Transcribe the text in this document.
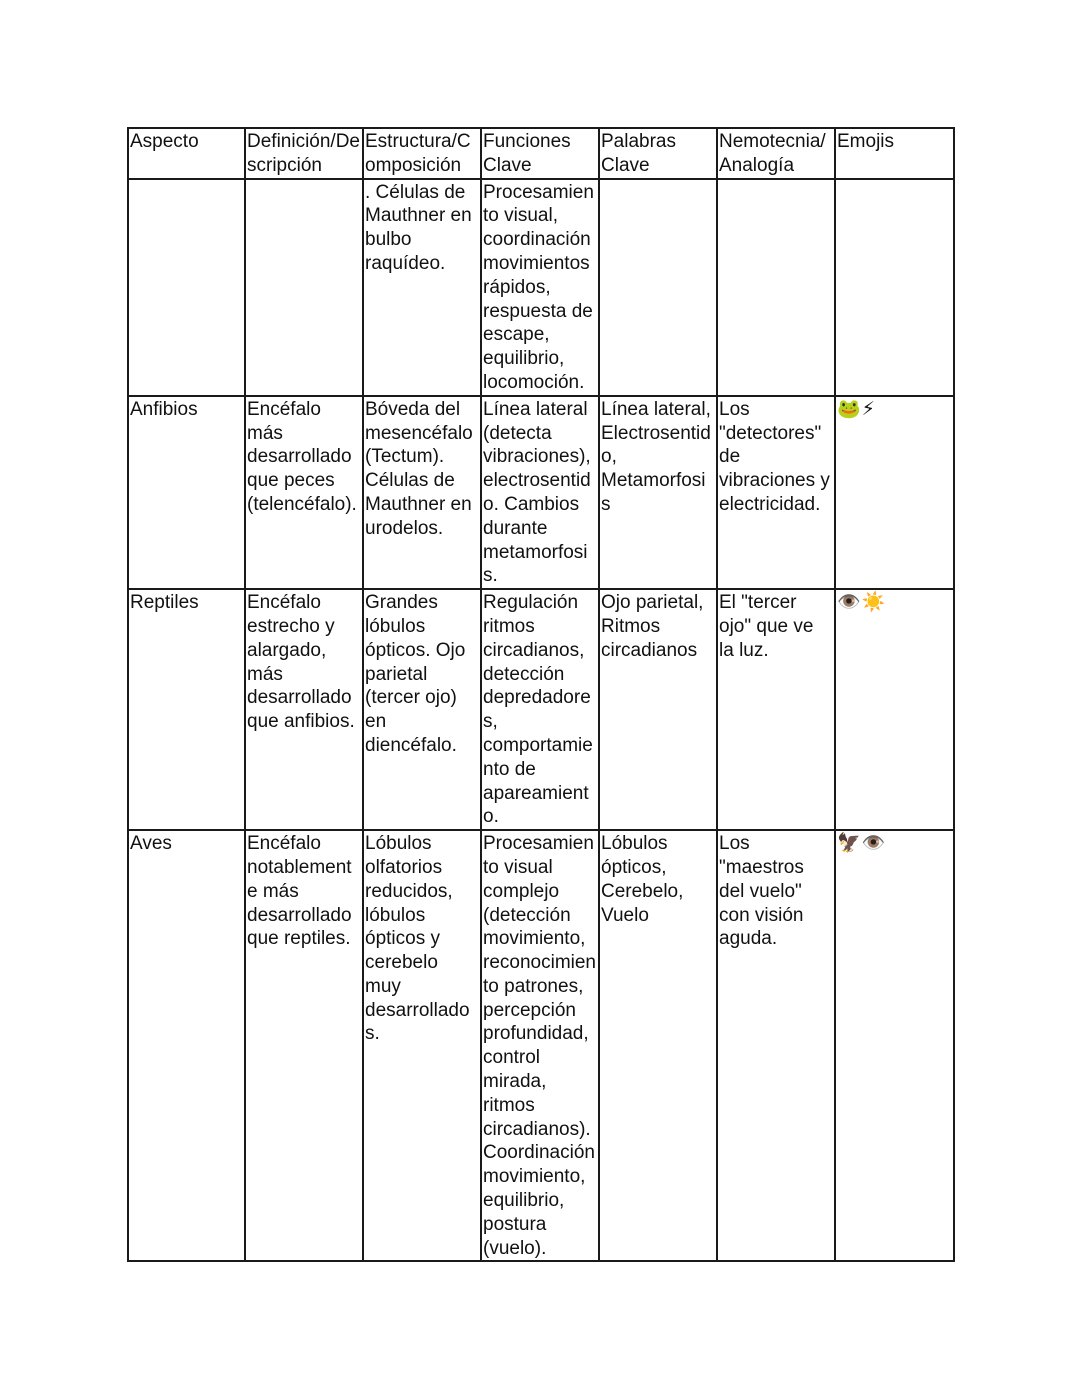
Aspecto	Definición/Descripción	Estructura/Composición	Funciones Clave	Palabras Clave	Nemotecnia/ Analogía	Emojis
		. Células de Mauthner en bulbo raquídeo.	Procesamiento visual, coordinación movimientos rápidos, respuesta de escape, equilibrio, locomoción.			
Anfibios	Encéfalo más desarrollado que peces (telencéfalo).	Bóveda del mesencéfalo (Tectum). Células de Mauthner en urodelos.	Línea lateral (detecta vibraciones), electrosentido. Cambios durante metamorfosis.	Línea lateral, Electrosentido, Metamorfosis	Los "detectores" de vibraciones y electricidad.	🐸⚡
Reptiles	Encéfalo estrecho y alargado, más desarrollado que anfibios.	Grandes lóbulos ópticos. Ojo parietal (tercer ojo) en diencéfalo.	Regulación ritmos circadianos, detección depredadores, comportamiento de apareamiento.	Ojo parietal, Ritmos circadianos	El "tercer ojo" que ve la luz.	👁️☀️
Aves	Encéfalo notablemente más desarrollado que reptiles.	Lóbulos olfatorios reducidos, lóbulos ópticos y cerebelo muy desarrollados.	Procesamiento visual complejo (detección movimiento, reconocimiento patrones, percepción profundidad, control mirada, ritmos circadianos). Coordinación movimiento, equilibrio, postura (vuelo).	Lóbulos ópticos, Cerebelo, Vuelo	Los "maestros del vuelo" con visión aguda.	🦅👁️
